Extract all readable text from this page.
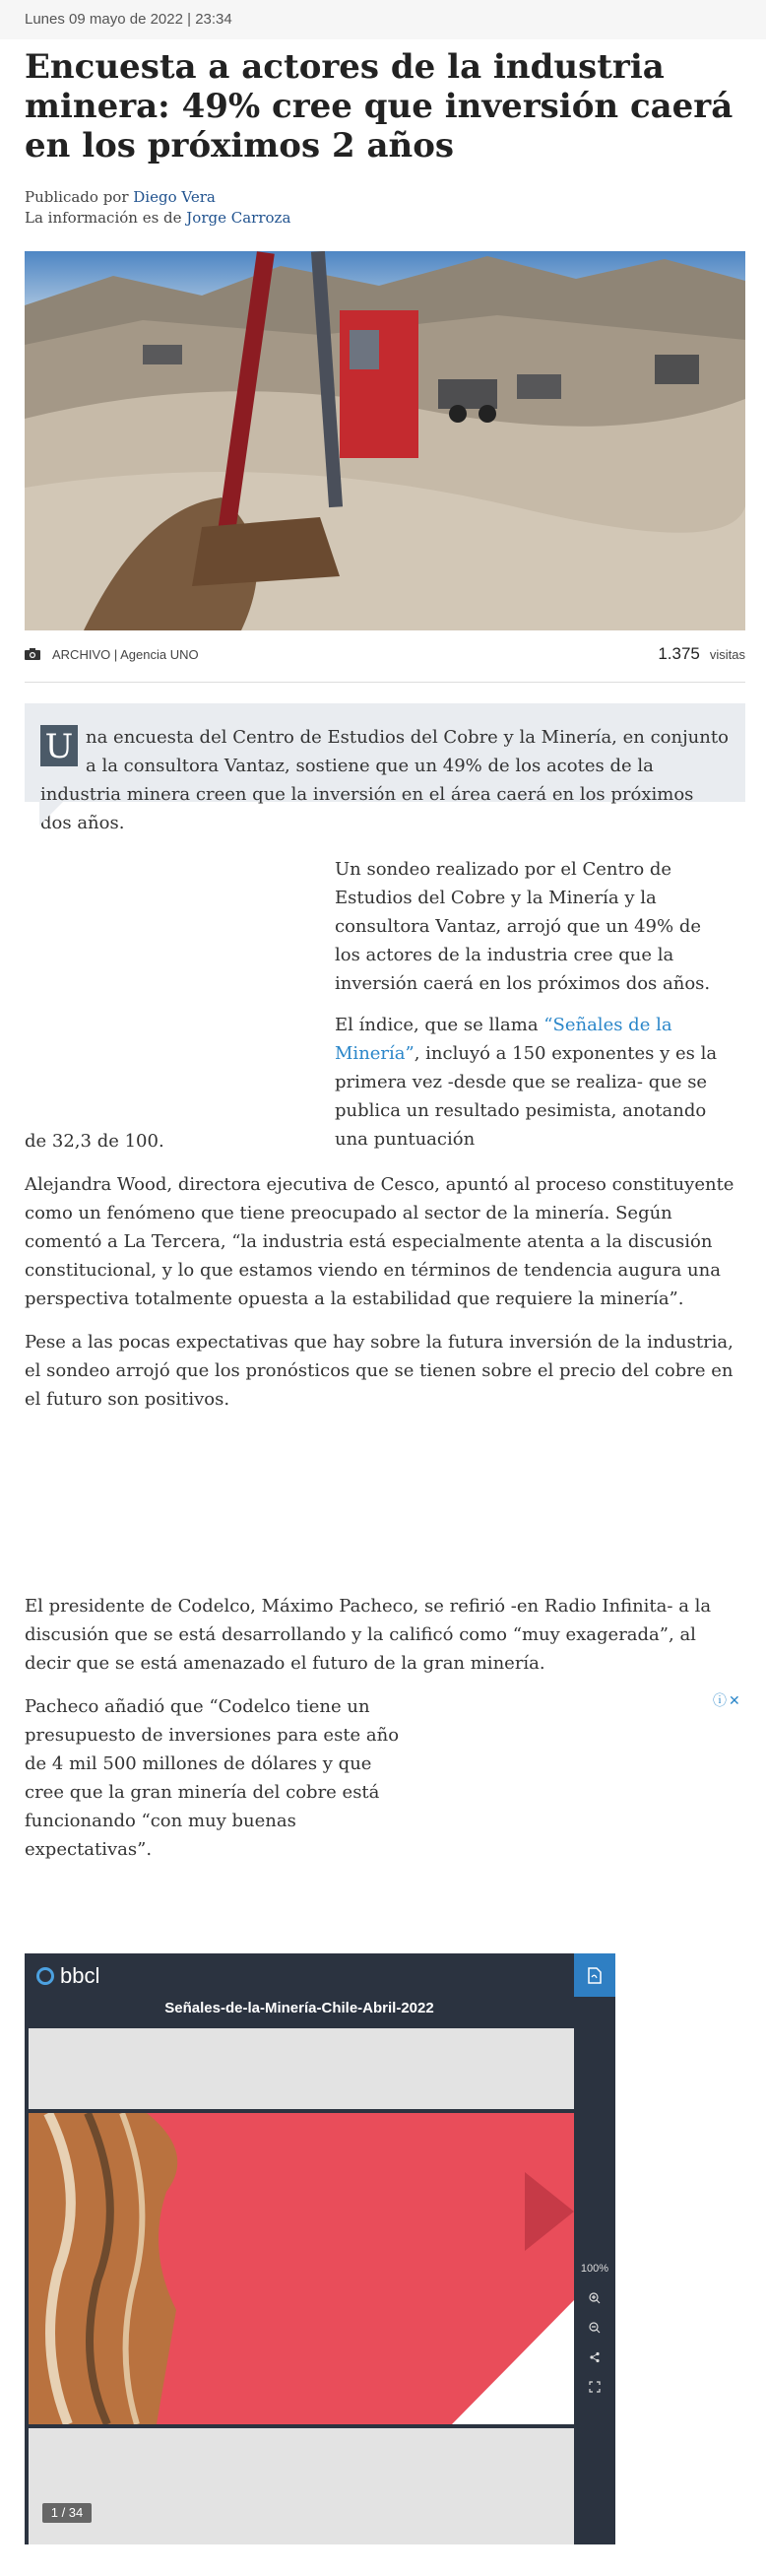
Lunes 09 mayo de 2022 | 23:34
Encuesta a actores de la industria minera: 49% cree que inversión caerá en los próximos 2 años
Publicado por Diego Vera
La información es de Jorge Carroza
ARCHIVO | Agencia UNO	1.375 visitas
U na encuesta del Centro de Estudios del Cobre y la Minería, en conjunto a la consultora Vantaz, sostiene que un 49% de los acotes de la industria minera creen que la inversión en el área caerá en los próximos dos años.

Un sondeo realizado por el Centro de Estudios del Cobre y la Minería y la consultora Vantaz, arrojó que un 49% de los actores de la industria cree que la inversión caerá en los próximos dos años.

El índice, que se llama “Señales de la Minería”, incluyó a 150 exponentes y es la primera vez -desde que se realiza- que se publica un resultado pesimista, anotando una puntuación

de 32,3 de 100.

Alejandra Wood, directora ejecutiva de Cesco, apuntó al proceso constituyente como un fenómeno que tiene preocupado al sector de la minería. Según comentó a La Tercera, “la industria está especialmente atenta a la discusión constitucional, y lo que estamos viendo en términos de tendencia augura una perspectiva totalmente opuesta a la estabilidad que requiere la minería”.

Pese a las pocas expectativas que hay sobre la futura inversión de la industria, el sondeo arrojó que los pronósticos que se tienen sobre el precio del cobre en el futuro son positivos.

El presidente de Codelco, Máximo Pacheco, se refirió -en Radio Infinita- a la discusión que se está desarrollando y la calificó como “muy exagerada”, al decir que se está amenazado el futuro de la gran minería.

Pacheco añadió que “Codelco tiene un presupuesto de inversiones para este año de 4 mil 500 millones de dólares y que cree que la gran minería del cobre está funcionando “con muy buenas expectativas”.

ⓘ✕
bbcl
Señales-de-la-Minería-Chile-Abril-2022
1 / 34
100%
